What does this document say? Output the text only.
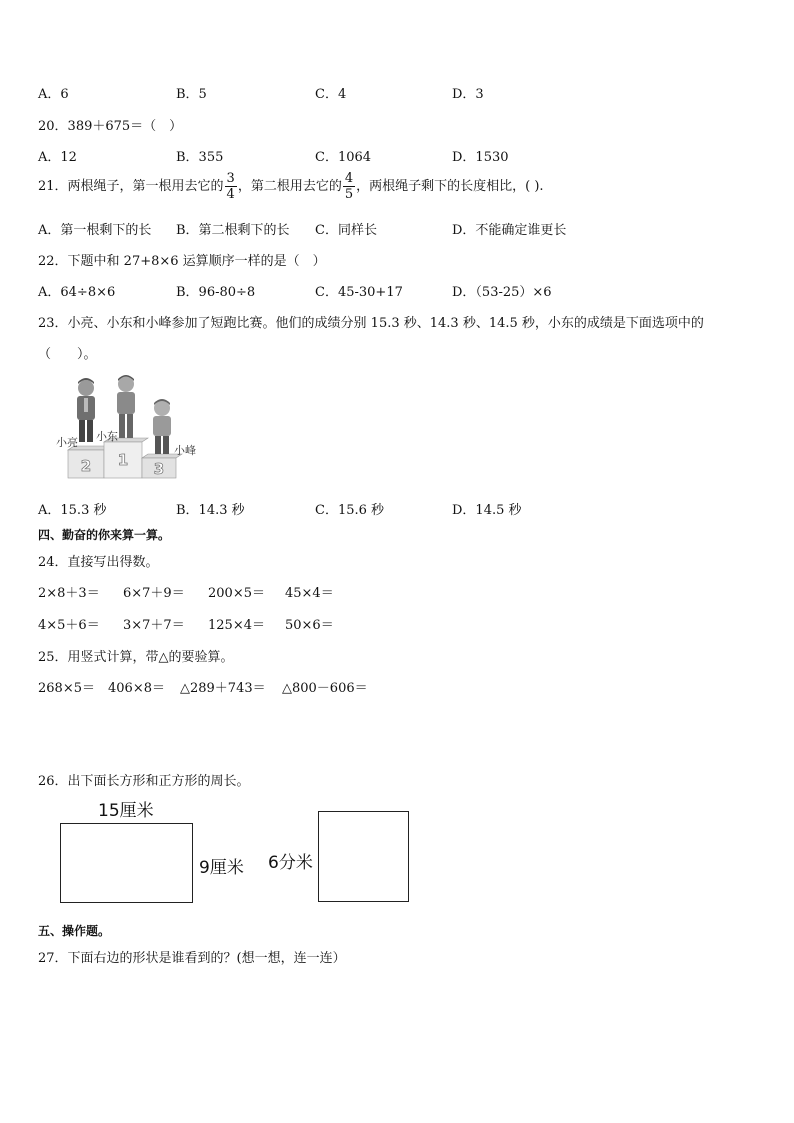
A．6	B．5	C．4	D．3
20．389＋675＝（　）
A．12	B．355	C．1064	D．1530
21．两根绳子，第一根用去它的 $\frac{3}{4}$ ，第二根用去它的 $\frac{4}{5}$ ，两根绳子剩下的长度相比，( ).
A．第一根剩下的长 B．第二根剩下的长 C．同样长	D．不能确定谁更长
22．下题中和 27+8×6 运算顺序一样的是（　）
A．64÷8×6	B．96-80÷8	C．45-30+17	D．（53-25）×6
23．小亮、小东和小峰参加了短跑比赛。他们的成绩分别 15.3 秒、14.3 秒、14.5 秒，小东的成绩是下面选项中的
（　　）。
2 1 3
小亮 小东
小峰
A．15.3 秒	B．14.3 秒	C．15.6 秒	D．14.5 秒
四、勤奋的你来算一算。
24．直接写出得数。
2×8＋3＝ 6×7＋9＝ 200×5＝ 45×4＝
4×5＋6＝ 3×7＋7＝ 125×4＝ 50×6＝
25．用竖式计算，带△的要验算。
268×5＝ 406×8＝ △289＋743＝ △800－606＝
26．出下面长方形和正方形的周长。
15厘米
9厘米 6分米
五、操作题。
27．下面右边的形状是谁看到的？(想一想，连一连）
